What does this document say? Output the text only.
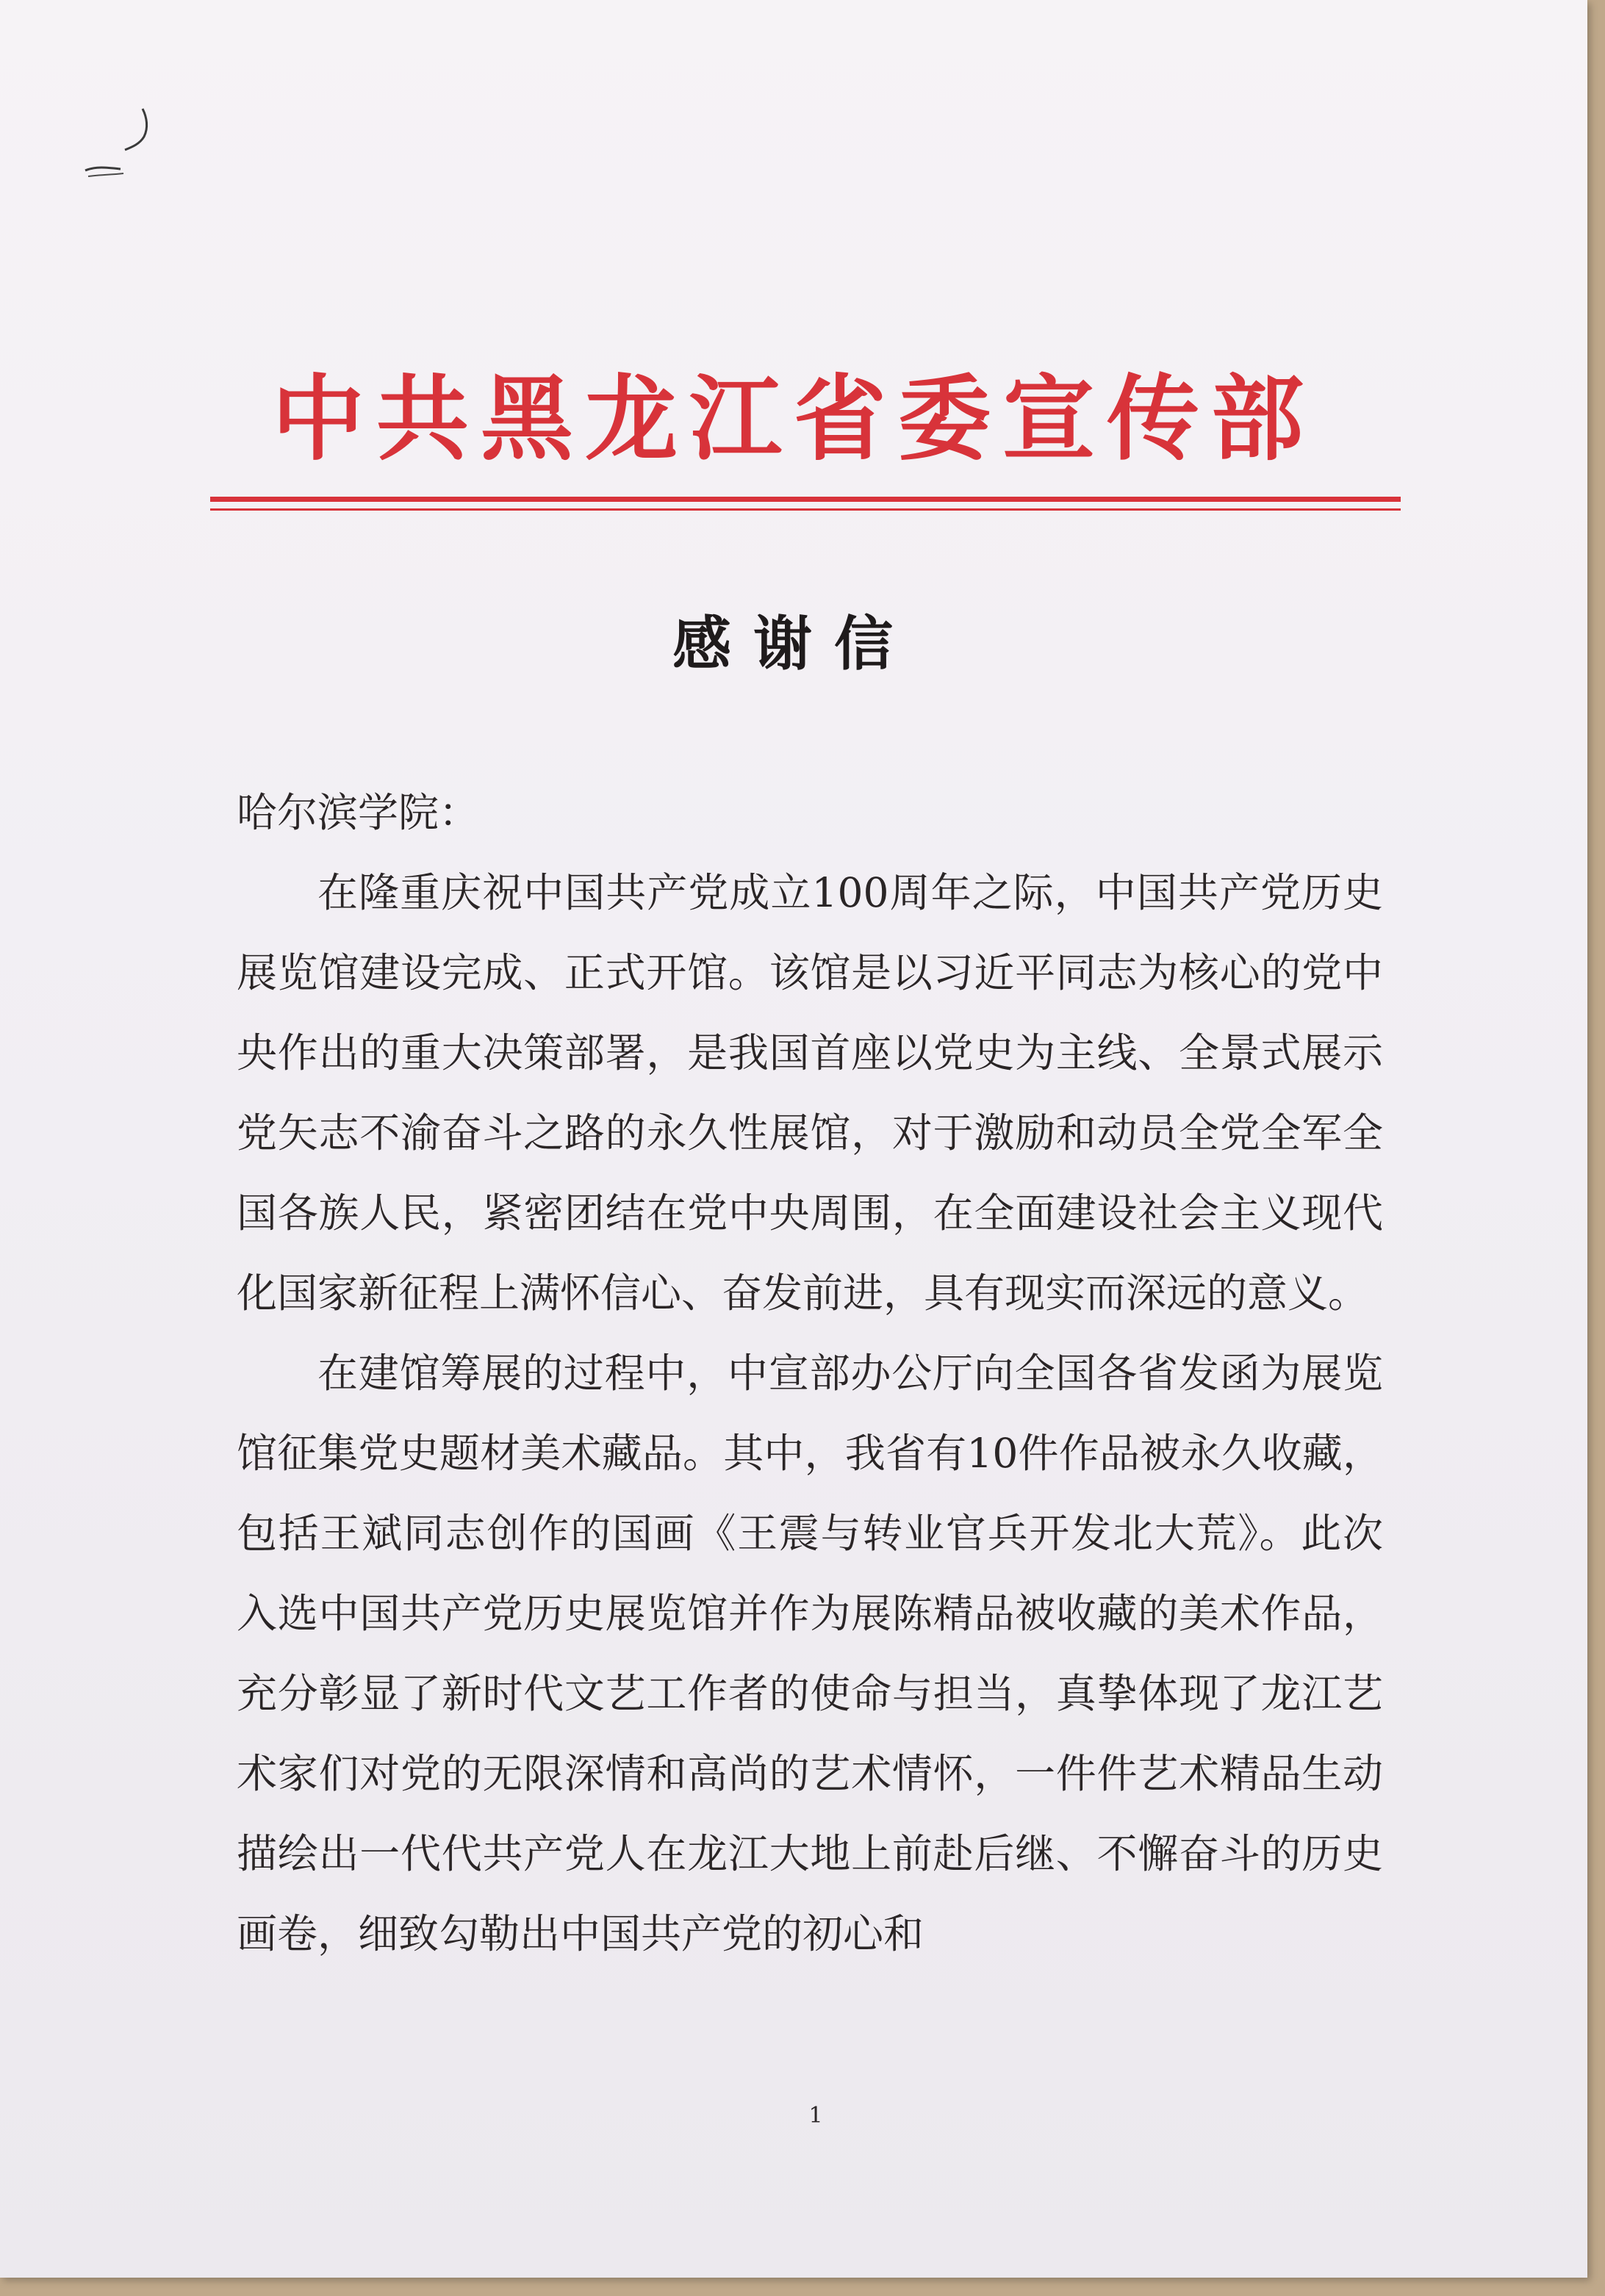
中共黑龙江省委宣传部
感谢信

哈尔滨学院：

在隆重庆祝中国共产党成立100周年之际，中国共产党历史展览馆建设完成、正式开馆。该馆是以习近平同志为核心的党中央作出的重大决策部署，是我国首座以党史为主线、全景式展示党矢志不渝奋斗之路的永久性展馆，对于激励和动员全党全军全国各族人民，紧密团结在党中央周围，在全面建设社会主义现代化国家新征程上满怀信心、奋发前进，具有现实而深远的意义。

在建馆筹展的过程中，中宣部办公厅向全国各省发函为展览馆征集党史题材美术藏品。其中，我省有10件作品被永久收藏，包括王斌同志创作的国画《王震与转业官兵开发北大荒》。此次入选中国共产党历史展览馆并作为展陈精品被收藏的美术作品，充分彰显了新时代文艺工作者的使命与担当，真挚体现了龙江艺术家们对党的无限深情和高尚的艺术情怀，一件件艺术精品生动描绘出一代代共产党人在龙江大地上前赴后继、不懈奋斗的历史画卷，细致勾勒出中国共产党的初心和

1
